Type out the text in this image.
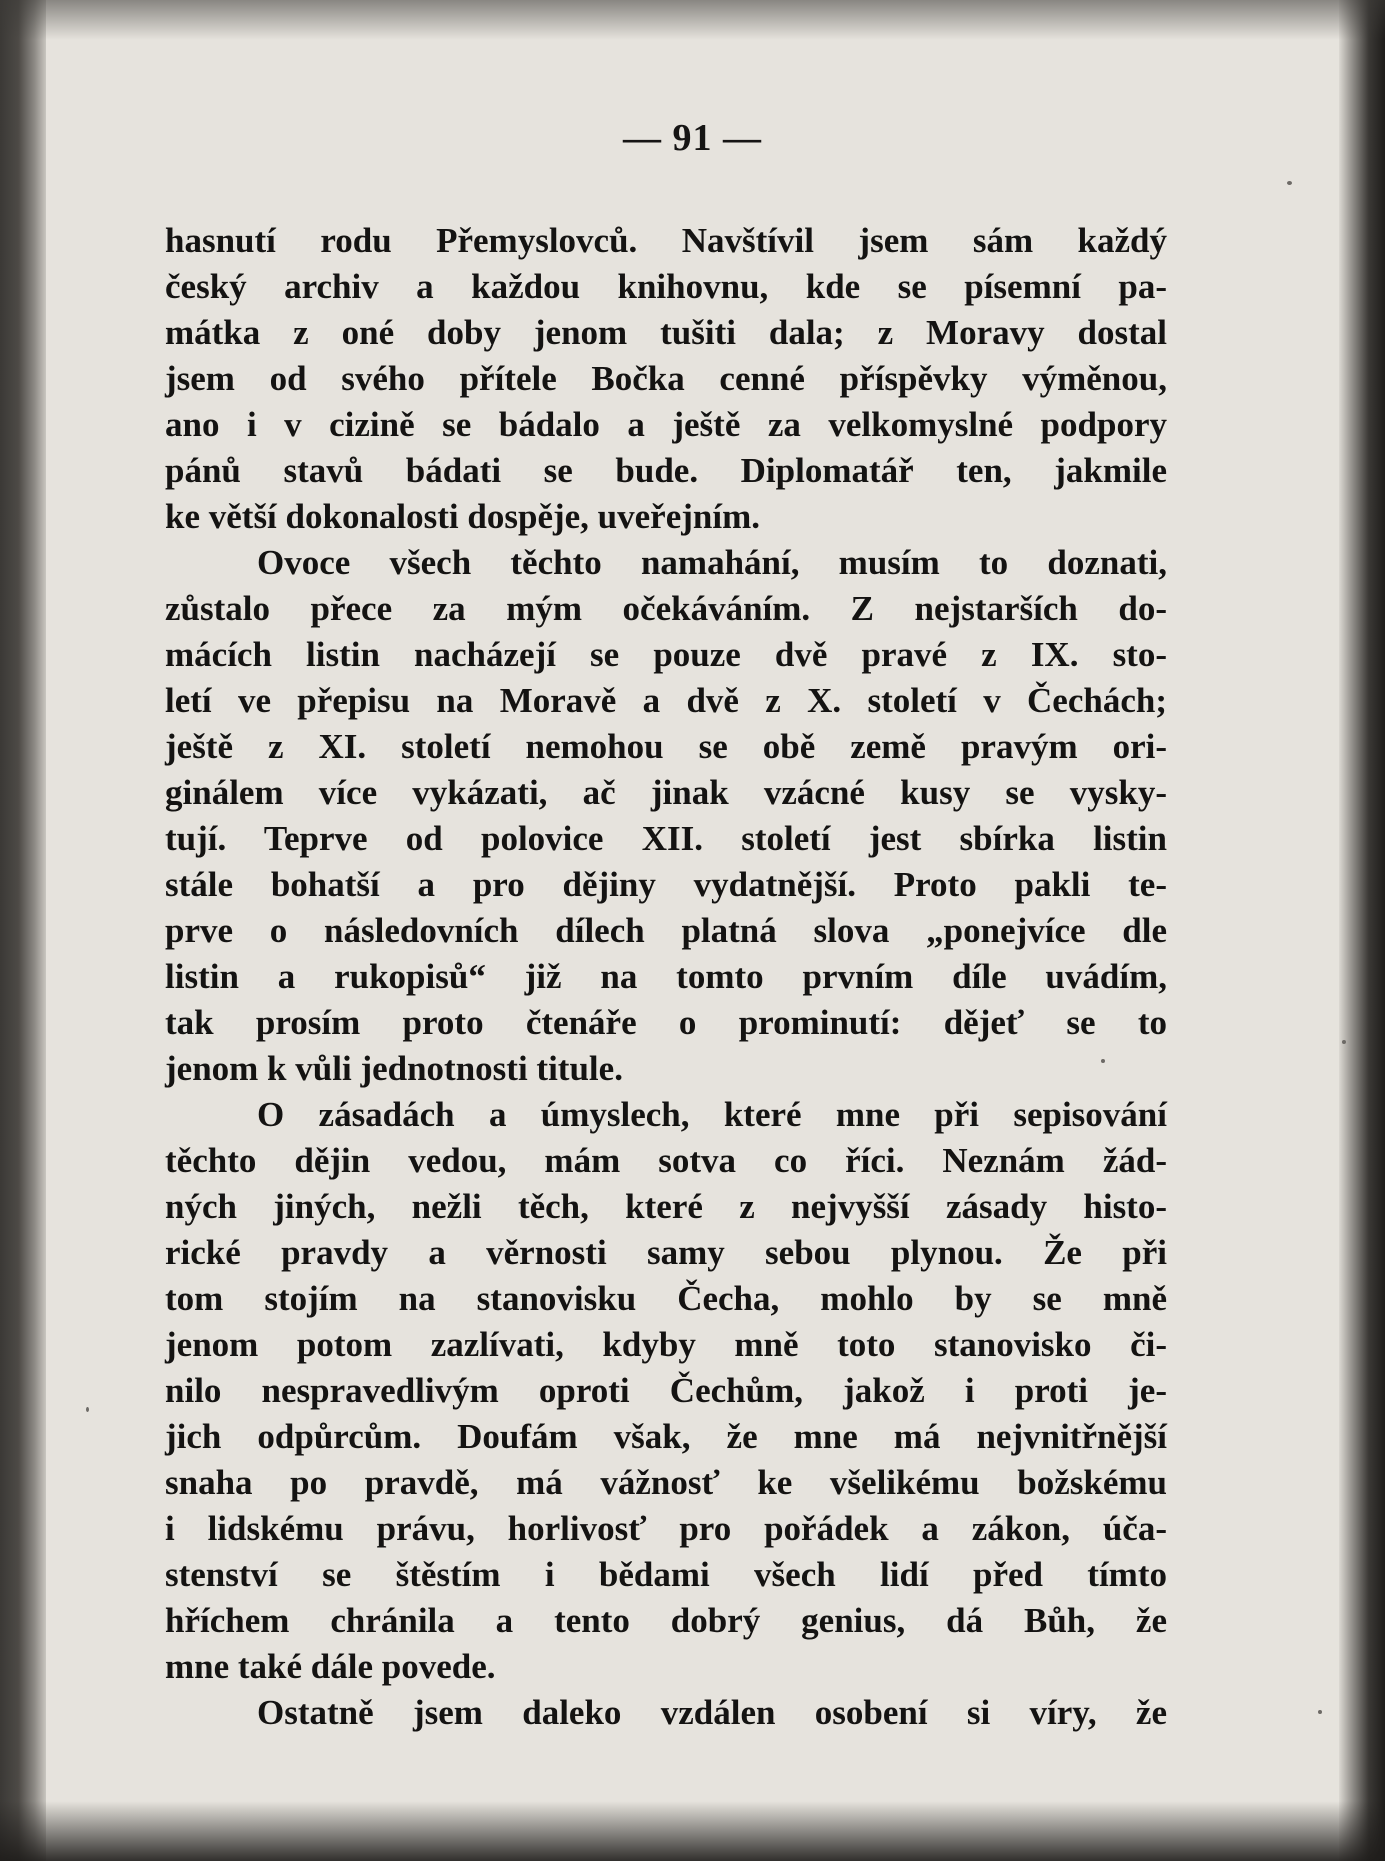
— 91 —
hasnutí rodu Přemyslovců. Navštívil jsem sám každý
český archiv a každou knihovnu, kde se písemní pa-
mátka z oné doby jenom tušiti dala; z Moravy dostal
jsem od svého přítele Bočka cenné příspěvky výměnou,
ano i v cizině se bádalo a ještě za velkomyslné podpory
pánů stavů bádati se bude. Diplomatář ten, jakmile
ke větší dokonalosti dospěje, uveřejním.
Ovoce všech těchto namahání, musím to doznati,
zůstalo přece za mým očekáváním. Z nejstarších do-
mácích listin nacházejí se pouze dvě pravé z IX. sto-
letí ve přepisu na Moravě a dvě z X. století v Čechách;
ještě z XI. století nemohou se obě země pravým ori-
ginálem více vykázati, ač jinak vzácné kusy se vysky-
tují. Teprve od polovice XII. století jest sbírka listin
stále bohatší a pro dějiny vydatnější. Proto pakli te-
prve o následovních dílech platná slova „ponejvíce dle
listin a rukopisů“ již na tomto prvním díle uvádím,
tak prosím proto čtenáře o prominutí: dějeť se to
jenom k vůli jednotnosti titule.
O zásadách a úmyslech, které mne při sepisování
těchto dějin vedou, mám sotva co říci. Neznám žád-
ných jiných, nežli těch, které z nejvyšší zásady histo-
rické pravdy a věrnosti samy sebou plynou. Že při
tom stojím na stanovisku Čecha, mohlo by se mně
jenom potom zazlívati, kdyby mně toto stanovisko či-
nilo nespravedlivým oproti Čechům, jakož i proti je-
jich odpůrcům. Doufám však, že mne má nejvnitřnější
snaha po pravdě, má vážnosť ke všelikému božskému
i lidskému právu, horlivosť pro pořádek a zákon, úča-
stenství se štěstím i bědami všech lidí před tímto
hříchem chránila a tento dobrý genius, dá Bůh, že
mne také dále povede.
Ostatně jsem daleko vzdálen osobení si víry, že
